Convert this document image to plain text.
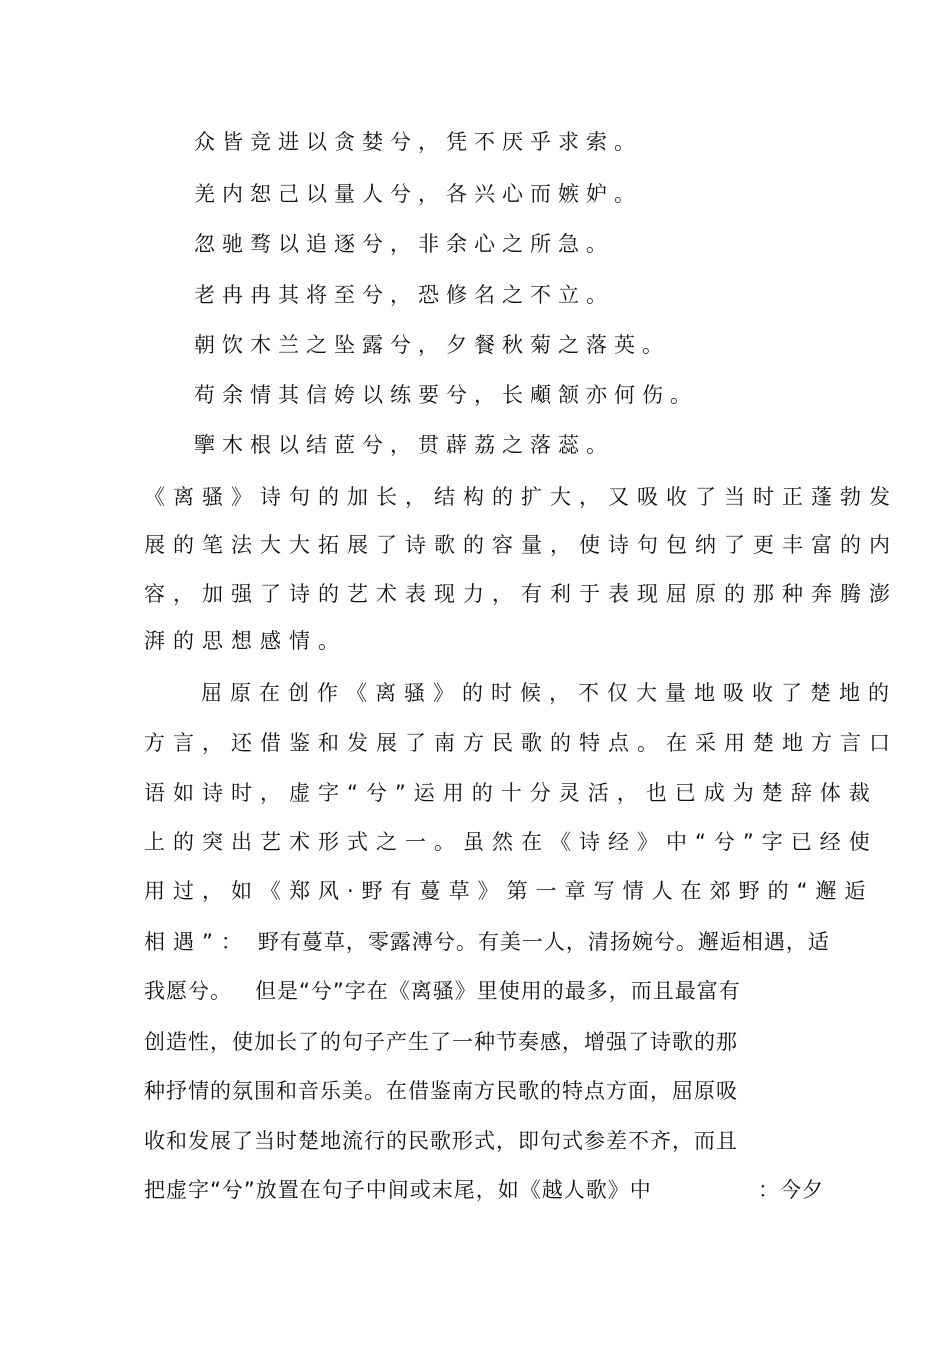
众皆竞进以贪婪兮，凭不厌乎求索。
羌内恕己以量人兮，各兴心而嫉妒。
忽驰骛以追逐兮，非余心之所急。
老冉冉其将至兮，恐修名之不立。
朝饮木兰之坠露兮，夕餐秋菊之落英。
苟余情其信姱以练要兮，长顑颔亦何伤。
擥木根以结茝兮，贯薜荔之落蕊。
《离骚》诗句的加长，结构的扩大，又吸收了当时正蓬勃发
展的笔法大大拓展了诗歌的容量，使诗句包纳了更丰富的内
容，加强了诗的艺术表现力，有利于表现屈原的那种奔腾澎
湃的思想感情。
屈原在创作《离骚》的时候，不仅大量地吸收了楚地的
方言，还借鉴和发展了南方民歌的特点。在采用楚地方言口
语如诗时，虚字“兮”运用的十分灵活，也已成为楚辞体裁
上的突出艺术形式之一。虽然在《诗经》中“兮”字已经使
用过，如《郑风·野有蔓草》第一章写情人在郊野的“邂逅
相遇”： 野有蔓草，零露溥兮。有美一人，清扬婉兮。邂逅相遇，适
我愿兮。   但是“兮”字在《离骚》里使用的最多，而且最富有
创造性，使加长了的句子产生了一种节奏感，增强了诗歌的那
种抒情的氛围和音乐美。在借鉴南方民歌的特点方面，屈原吸
收和发展了当时楚地流行的民歌形式，即句式参差不齐，而且
把虚字“兮”放置在句子中间或末尾，如《越人歌》中	：今夕
